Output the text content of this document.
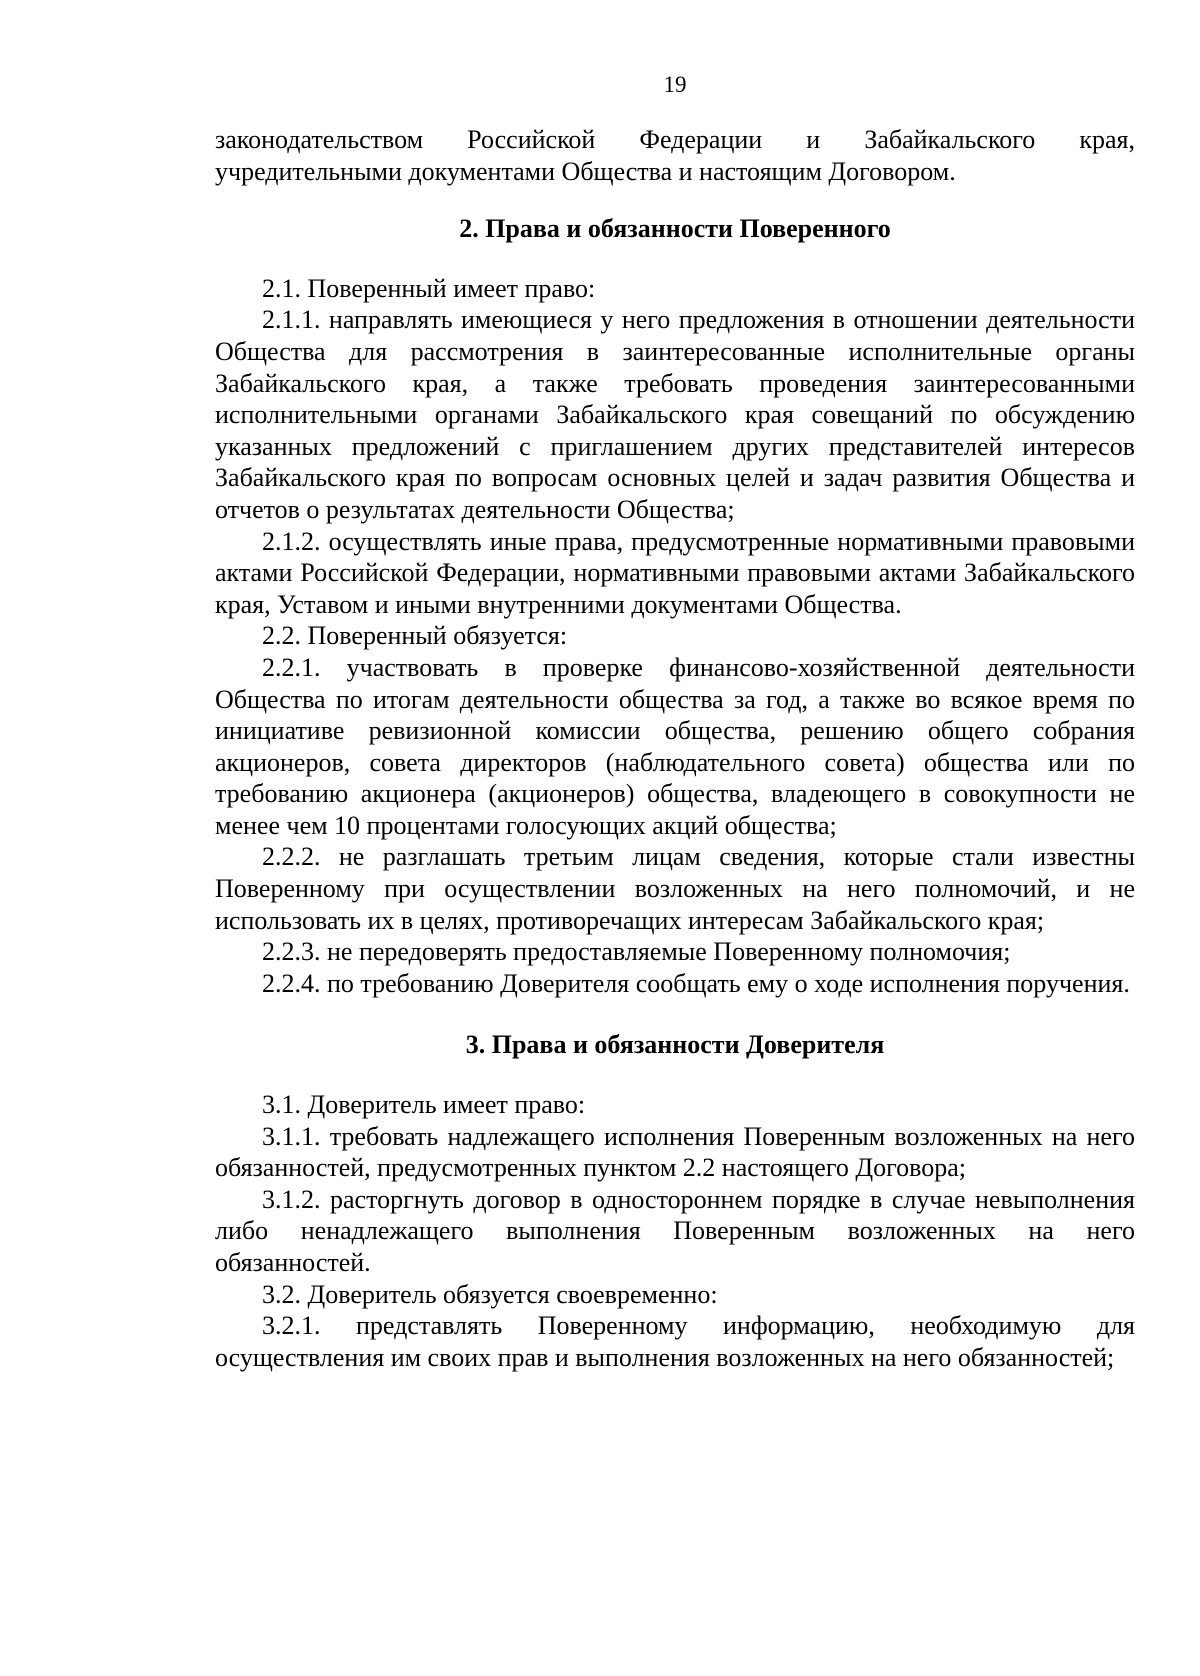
19

законодательством Российской Федерации и Забайкальского края, учредительными документами Общества и настоящим Договором.

2. Права и обязанности Поверенного

2.1. Поверенный имеет право:

2.1.1. направлять имеющиеся у него предложения в отношении деятельности Общества для рассмотрения в заинтересованные исполнительные органы Забайкальского края, а также требовать проведения заинтересованными исполнительными органами Забайкальского края совещаний по обсуждению указанных предложений с приглашением других представителей интересов Забайкальского края по вопросам основных целей и задач развития Общества и отчетов о результатах деятельности Общества;

2.1.2. осуществлять иные права, предусмотренные нормативными правовыми актами Российской Федерации, нормативными правовыми актами Забайкальского края, Уставом и иными внутренними документами Общества.

2.2. Поверенный обязуется:

2.2.1. участвовать в проверке финансово-хозяйственной деятельности Общества по итогам деятельности общества за год, а также во всякое время по инициативе ревизионной комиссии общества, решению общего собрания акционеров, совета директоров (наблюдательного совета) общества или по требованию акционера (акционеров) общества, владеющего в совокупности не менее чем 10 процентами голосующих акций общества;

2.2.2. не разглашать третьим лицам сведения, которые стали известны Поверенному при осуществлении возложенных на него полномочий, и не использовать их в целях, противоречащих интересам Забайкальского края;

2.2.3. не передоверять предоставляемые Поверенному полномочия;

2.2.4. по требованию Доверителя сообщать ему о ходе исполнения поручения.

3. Права и обязанности Доверителя

3.1. Доверитель имеет право:

3.1.1. требовать надлежащего исполнения Поверенным возложенных на него обязанностей, предусмотренных пунктом 2.2 настоящего Договора;

3.1.2. расторгнуть договор в одностороннем порядке в случае невыполнения либо ненадлежащего выполнения Поверенным возложенных на него обязанностей.

3.2. Доверитель обязуется своевременно:

3.2.1. представлять Поверенному информацию, необходимую для осуществления им своих прав и выполнения возложенных на него обязанностей;
